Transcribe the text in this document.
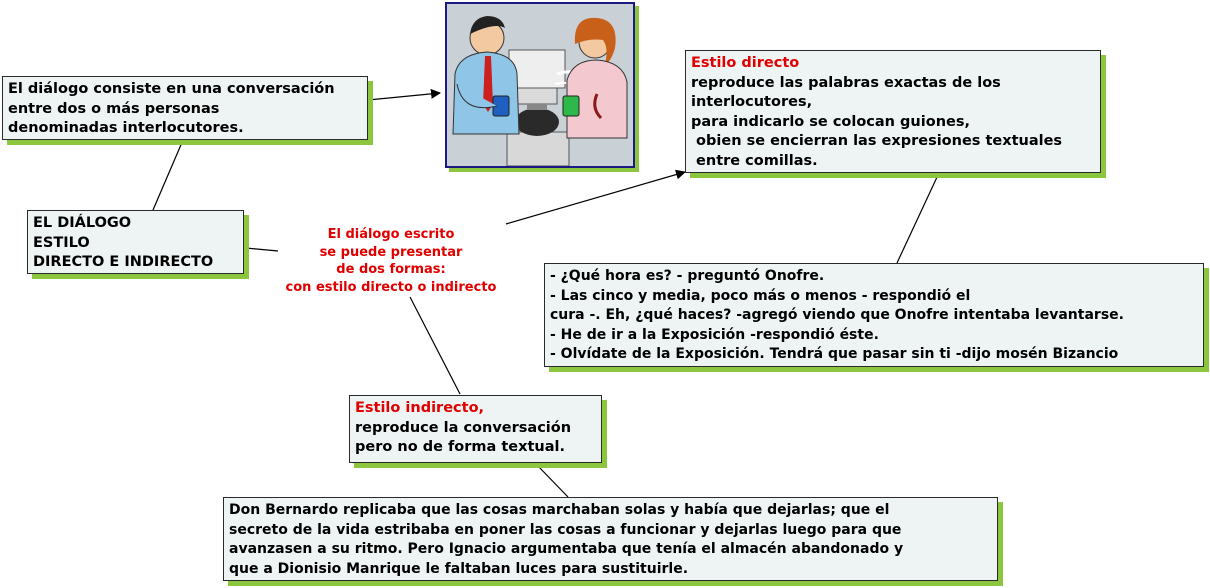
El diálogo consiste en una conversación
entre dos o más personas
denominadas interlocutores.
EL DIÁLOGO
ESTILO
DIRECTO E INDIRECTO
El diálogo escrito
se puede presentar
de dos formas:
con estilo directo o indirecto
Estilo directo
reproduce las palabras exactas de los
interlocutores,
para indicarlo se colocan guiones,
obien se encierran las expresiones textuales
entre comillas.
- ¿Qué hora es? - preguntó Onofre.
- Las cinco y media, poco más o menos - respondió el
cura -. Eh, ¿qué haces? -agregó viendo que Onofre intentaba levantarse.
- He de ir a la Exposición -respondió éste.
- Olvídate de la Exposición. Tendrá que pasar sin ti -dijo mosén Bizancio
Estilo indirecto,
reproduce la conversación
pero no de forma textual.
Don Bernardo replicaba que las cosas marchaban solas y había que dejarlas; que el
secreto de la vida estribaba en poner las cosas a funcionar y dejarlas luego para que
avanzasen a su ritmo. Pero Ignacio argumentaba que tenía el almacén abandonado y
que a Dionisio Manrique le faltaban luces para sustituirle.
